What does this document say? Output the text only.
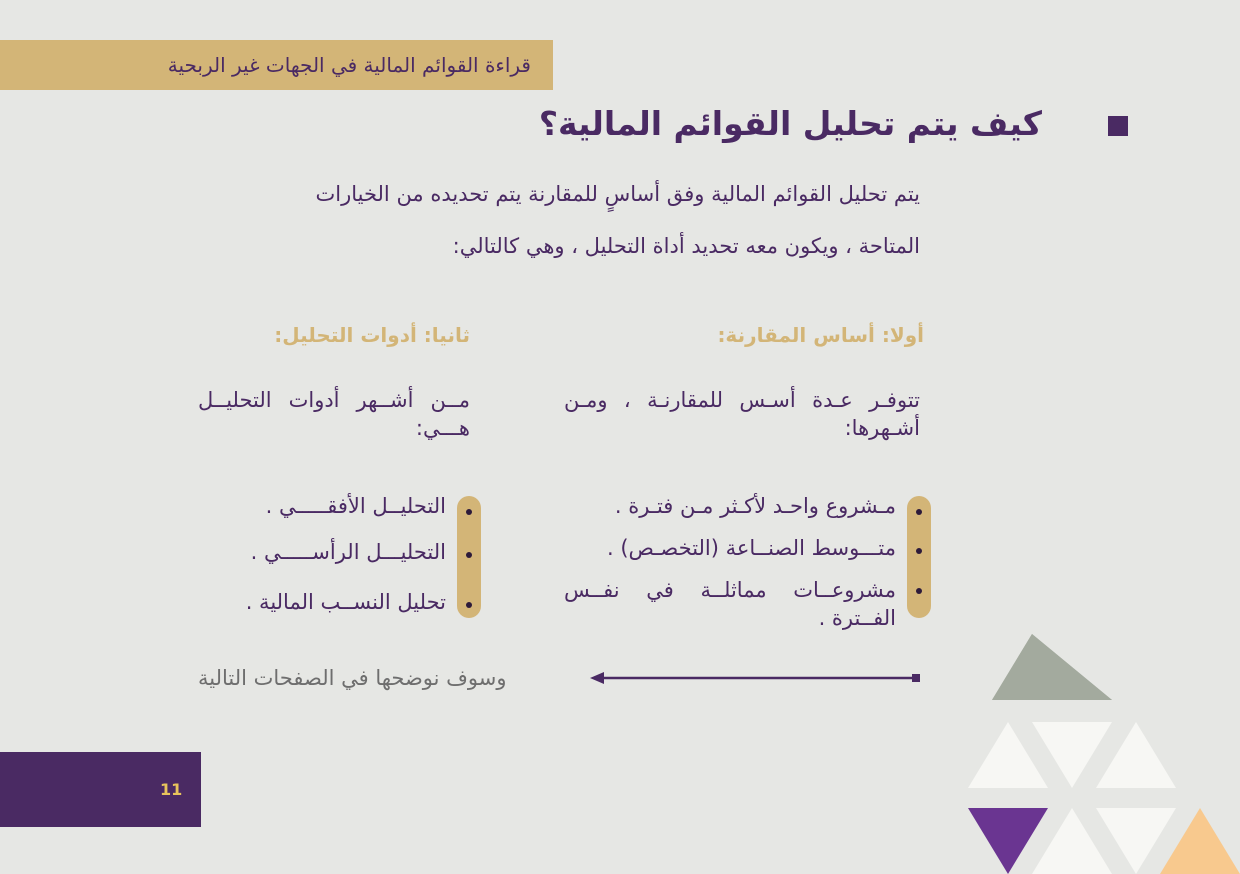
قراءة القوائم المالية في الجهات غير الربحية
كيف يتم تحليل القوائم المالية؟

يتم تحليل القوائم المالية وفق أساسٍ للمقارنة يتم تحديده من الخيارات

المتاحة ، ويكون معه تحديد أداة التحليل ، وهي كالتالي:

أولا: أساس المقارنة:
تتوفـر عـدة أسـس للمقارنـة ، ومـن أشـهرها:
مـشروع واحـد لأكـثر مـن فتـرة .
متـــوسط الصنــاعة (التخصـص) .
مشروعــات مماثلــة في نفــس الفــترة .
ثانيا: أدوات التحليل:
مــن أشــهر أدوات التحليــل هـــي:
التحليــل الأفقـــــي .
التحليـــل الرأســـــي .
تحليل النســب المالية .
وسوف نوضحها في الصفحات التالية
11
